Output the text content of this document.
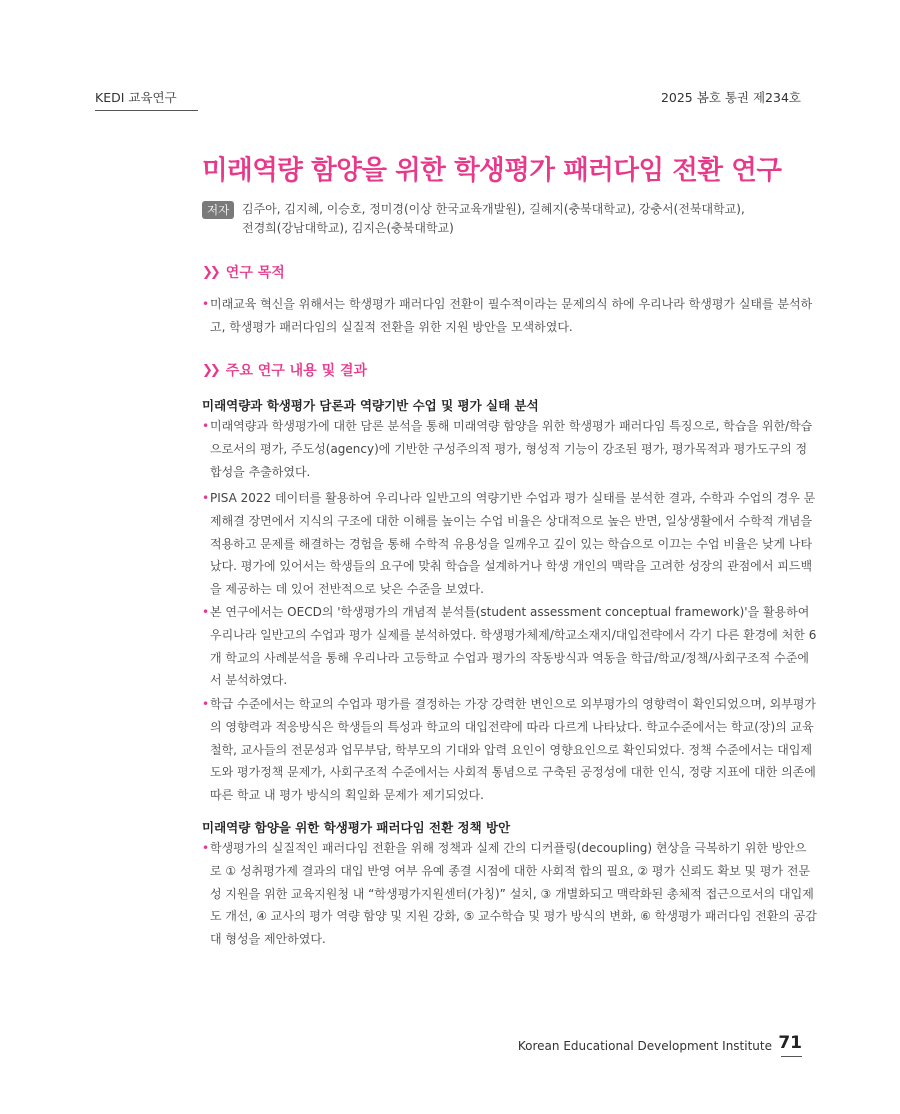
KEDI 교육연구	2025 봄호 통권 제234호
미래역량 함양을 위한 학생평가 패러다임 전환 연구
저자	김주아, 김지혜, 이승호, 정미경(이상 한국교육개발원), 길혜지(충북대학교), 강충서(전북대학교),
전경희(강남대학교), 김지은(충북대학교)
❯❯ 연구 목적
• 미래교육 혁신을 위해서는 학생평가 패러다임 전환이 필수적이라는 문제의식 하에 우리나라 학생평가 실태를 분석하고, 학생평가 패러다임의 실질적 전환을 위한 지원 방안을 모색하였다.
❯❯ 주요 연구 내용 및 결과
미래역량과 학생평가 담론과 역량기반 수업 및 평가 실태 분석
• 미래역량과 학생평가에 대한 담론 분석을 통해 미래역량 함양을 위한 학생평가 패러다임 특징으로, 학습을 위한/학습으로서의 평가, 주도성(agency)에 기반한 구성주의적 평가, 형성적 기능이 강조된 평가, 평가목적과 평가도구의 정합성을 추출하였다.
• PISA 2022 데이터를 활용하여 우리나라 일반고의 역량기반 수업과 평가 실태를 분석한 결과, 수학과 수업의 경우 문제해결 장면에서 지식의 구조에 대한 이해를 높이는 수업 비율은 상대적으로 높은 반면, 일상생활에서 수학적 개념을 적용하고 문제를 해결하는 경험을 통해 수학적 유용성을 일깨우고 깊이 있는 학습으로 이끄는 수업 비율은 낮게 나타났다. 평가에 있어서는 학생들의 요구에 맞춰 학습을 설계하거나 학생 개인의 맥락을 고려한 성장의 관점에서 피드백을 제공하는 데 있어 전반적으로 낮은 수준을 보였다.
• 본 연구에서는 OECD의 '학생평가의 개념적 분석틀(student assessment conceptual framework)'을 활용하여 우리나라 일반고의 수업과 평가 실제를 분석하였다. 학생평가체제/학교소재지/대입전략에서 각기 다른 환경에 처한 6개 학교의 사례분석을 통해 우리나라 고등학교 수업과 평가의 작동방식과 역동을 학급/학교/정책/사회구조적 수준에서 분석하였다.
• 학급 수준에서는 학교의 수업과 평가를 결정하는 가장 강력한 변인으로 외부평가의 영향력이 확인되었으며, 외부평가의 영향력과 적응방식은 학생들의 특성과 학교의 대입전략에 따라 다르게 나타났다. 학교수준에서는 학교(장)의 교육철학, 교사들의 전문성과 업무부담, 학부모의 기대와 압력 요인이 영향요인으로 확인되었다. 정책 수준에서는 대입제도와 평가정책 문제가, 사회구조적 수준에서는 사회적 통념으로 구축된 공정성에 대한 인식, 정량 지표에 대한 의존에 따른 학교 내 평가 방식의 획일화 문제가 제기되었다.
미래역량 함양을 위한 학생평가 패러다임 전환 정책 방안
• 학생평가의 실질적인 패러다임 전환을 위해 정책과 실제 간의 디커플링(decoupling) 현상을 극복하기 위한 방안으로 ① 성취평가제 결과의 대입 반영 여부 유예 종결 시점에 대한 사회적 합의 필요, ② 평가 신뢰도 확보 및 평가 전문성 지원을 위한 교육지원청 내 “학생평가지원센터(가칭)” 설치, ③ 개별화되고 맥락화된 총체적 접근으로서의 대입제도 개선, ④ 교사의 평가 역량 함양 및 지원 강화, ⑤ 교수학습 및 평가 방식의 변화, ⑥ 학생평가 패러다임 전환의 공감대 형성을 제안하였다.
Korean Educational Development Institute 71
